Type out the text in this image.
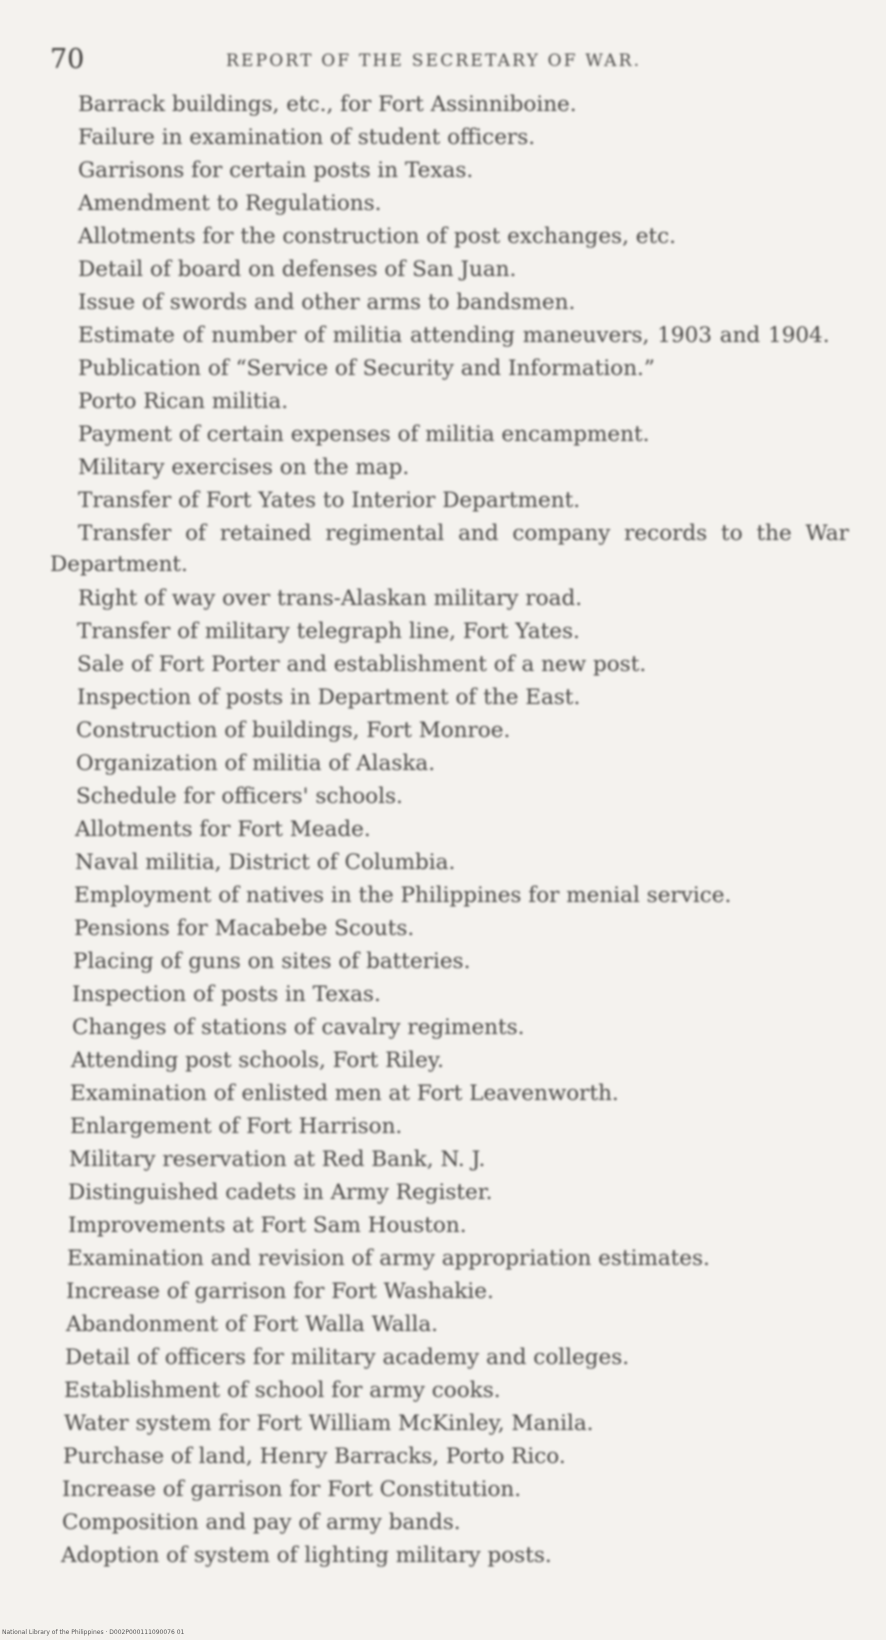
70	REPORT OF THE SECRETARY OF WAR.
Barrack buildings, etc., for Fort Assinniboine.
Failure in examination of student officers.
Garrisons for certain posts in Texas.
Amendment to Regulations.
Allotments for the construction of post exchanges, etc.
Detail of board on defenses of San Juan.
Issue of swords and other arms to bandsmen.
Estimate of number of militia attending maneuvers, 1903 and 1904.
Publication of “Service of Security and Information.”
Porto Rican militia.
Payment of certain expenses of militia encampment.
Military exercises on the map.
Transfer of Fort Yates to Interior Department.
Transfer of retained regimental and company records to the War
Department.
Right of way over trans-Alaskan military road.
Transfer of military telegraph line, Fort Yates.
Sale of Fort Porter and establishment of a new post.
Inspection of posts in Department of the East.
Construction of buildings, Fort Monroe.
Organization of militia of Alaska.
Schedule for officers' schools.
Allotments for Fort Meade.
Naval militia, District of Columbia.
Employment of natives in the Philippines for menial service.
Pensions for Macabebe Scouts.
Placing of guns on sites of batteries.
Inspection of posts in Texas.
Changes of stations of cavalry regiments.
Attending post schools, Fort Riley.
Examination of enlisted men at Fort Leavenworth.
Enlargement of Fort Harrison.
Military reservation at Red Bank, N. J.
Distinguished cadets in Army Register.
Improvements at Fort Sam Houston.
Examination and revision of army appropriation estimates.
Increase of garrison for Fort Washakie.
Abandonment of Fort Walla Walla.
Detail of officers for military academy and colleges.
Establishment of school for army cooks.
Water system for Fort William McKinley, Manila.
Purchase of land, Henry Barracks, Porto Rico.
Increase of garrison for Fort Constitution.
Composition and pay of army bands.
Adoption of system of lighting military posts.
National Library of the Philippines · D002P000111090076 01
